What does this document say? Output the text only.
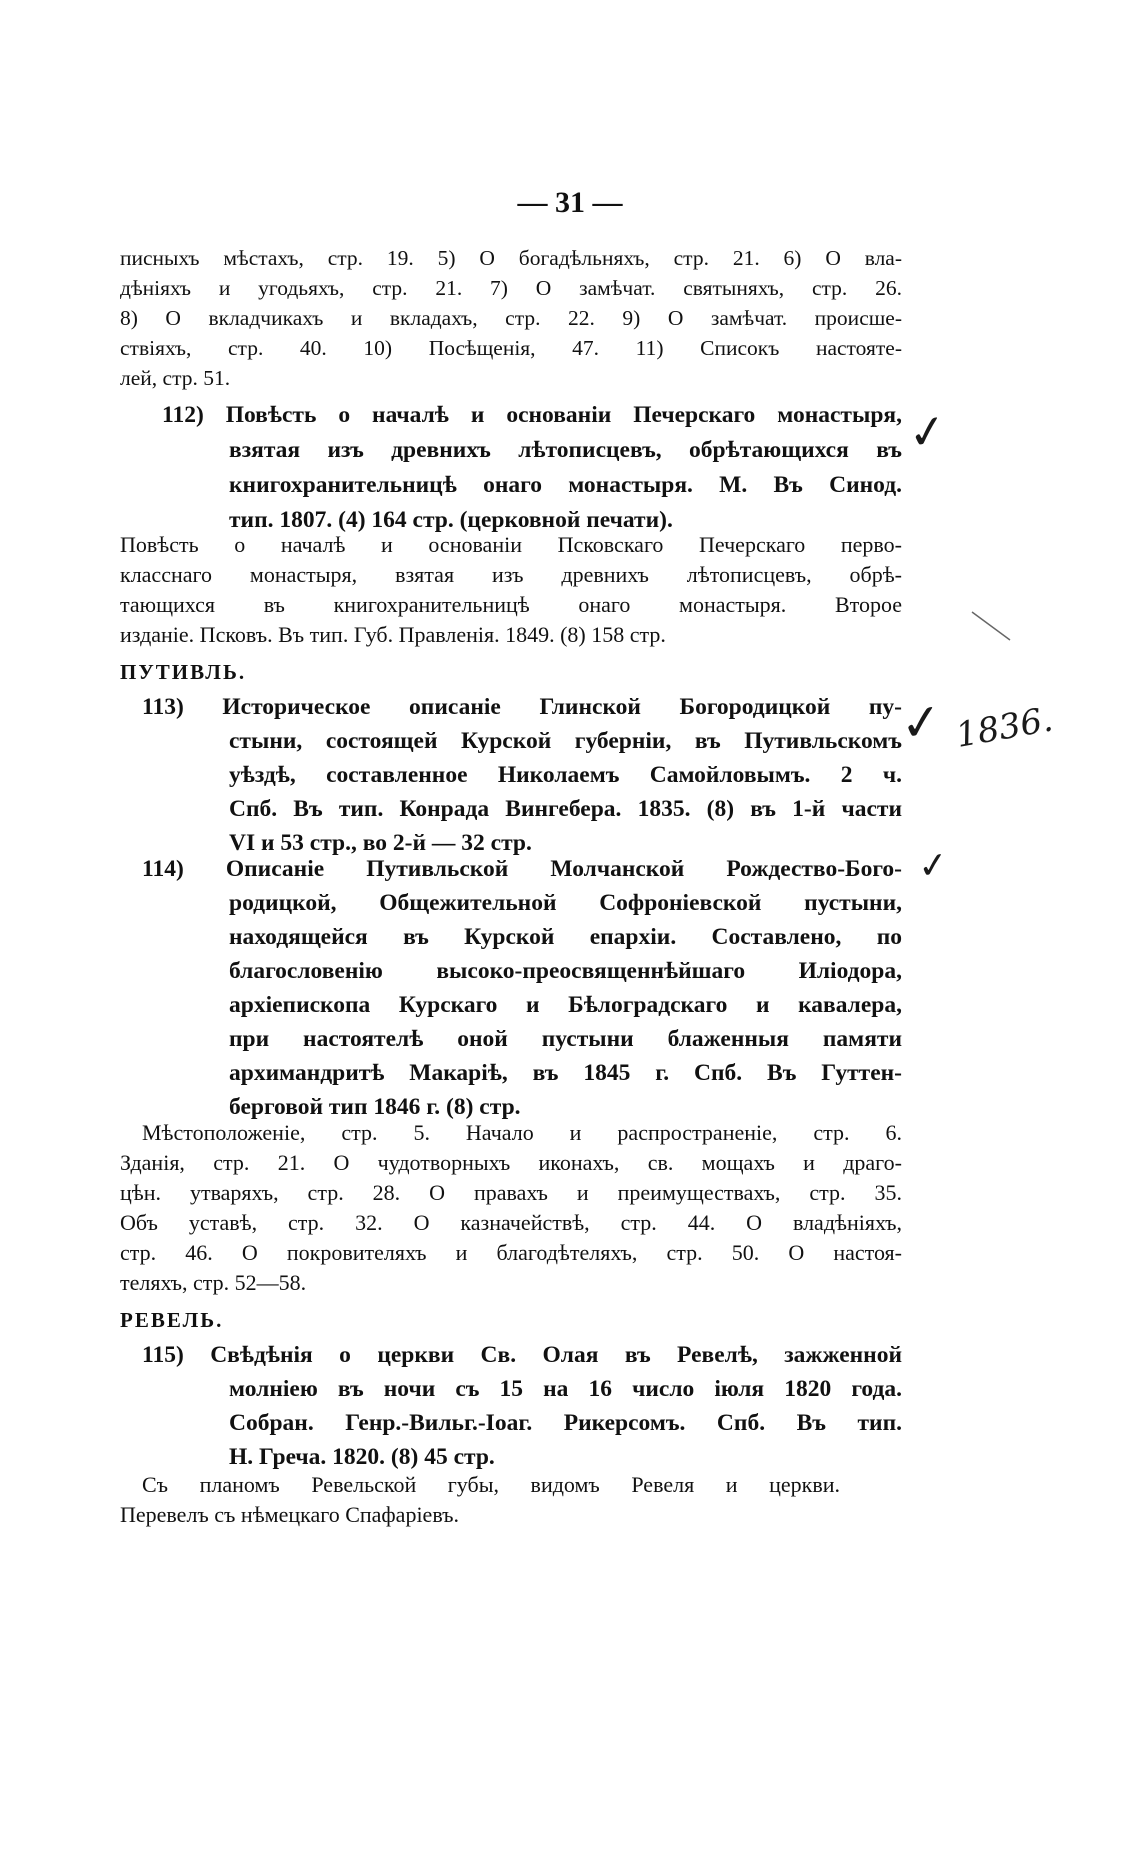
— 31 —
писныхъ мѣстахъ, стр. 19. 5) О богадѣльняхъ, стр. 21. 6) О вла-
дѣніяхъ и угодьяхъ, стр. 21. 7) О замѣчат. святыняхъ, стр. 26.
8) О вкладчикахъ и вкладахъ, стр. 22. 9) О замѣчат. происше-
ствіяхъ, стр. 40. 10) Посѣщенія, 47. 11) Списокъ настояте-
лей, стр. 51.
112) Повѣсть о началѣ и основаніи Печерскаго монастыря,
взятая изъ древнихъ лѣтописцевъ, обрѣтающихся въ
книгохранительницѣ онаго монастыря. М. Въ Синод.
тип. 1807. (4) 164 стр. (церковной печати).
Повѣсть о началѣ и основаніи Псковскаго Печерскаго перво-
класснаго монастыря, взятая изъ древнихъ лѣтописцевъ, обрѣ-
тающихся въ книгохранительницѣ онаго монастыря. Второе
изданіе. Псковъ. Въ тип. Губ. Правленія. 1849. (8) 158 стр.
ПУТИВЛЬ.
113) Историческое описаніе Глинской Богородицкой пу-
стыни, состоящей Курской губерніи, въ Путивльскомъ
уѣздѣ, составленное Николаемъ Самойловымъ. 2 ч.
Спб. Въ тип. Конрада Вингебера. 1835. (8) въ 1-й части
VI и 53 стр., во 2-й — 32 стр.
114) Описаніе Путивльской Молчанской Рождество-Бого-
родицкой, Общежительной Софроніевской пустыни,
находящейся въ Курской епархіи. Составлено, по
благословенію высоко-преосвященнѣйшаго Иліодора,
архіепископа Курскаго и Бѣлоградскаго и кавалера,
при настоятелѣ оной пустыни блаженныя памяти
архимандритѣ Макаріѣ, въ 1845 г. Спб. Въ Гуттен-
берговой тип 1846 г. (8) стр.
Мѣстоположеніе, стр. 5. Начало и распространеніе, стр. 6.
Зданія, стр. 21. О чудотворныхъ иконахъ, св. мощахъ и драго-
цѣн. утваряхъ, стр. 28. О правахъ и преимуществахъ, стр. 35.
Объ уставѣ, стр. 32. О казначействѣ, стр. 44. О владѣніяхъ,
стр. 46. О покровителяхъ и благодѣтеляхъ, стр. 50. О настоя-
теляхъ, стр. 52—58.
РЕВЕЛЬ.
115) Свѣдѣнія о церкви Св. Олая въ Ревелѣ, зажженной
молніею въ ночи съ 15 на 16 число іюля 1820 года.
Собран. Генр.-Вильг.-Іоаг. Рикерсомъ. Спб. Въ тип.
Н. Греча. 1820. (8) 45 стр.
Съ планомъ Ревельской губы, видомъ Ревеля и церкви.
Перевелъ съ нѣмецкаго Спафаріевъ.
✓
✓ 1836.
✓
